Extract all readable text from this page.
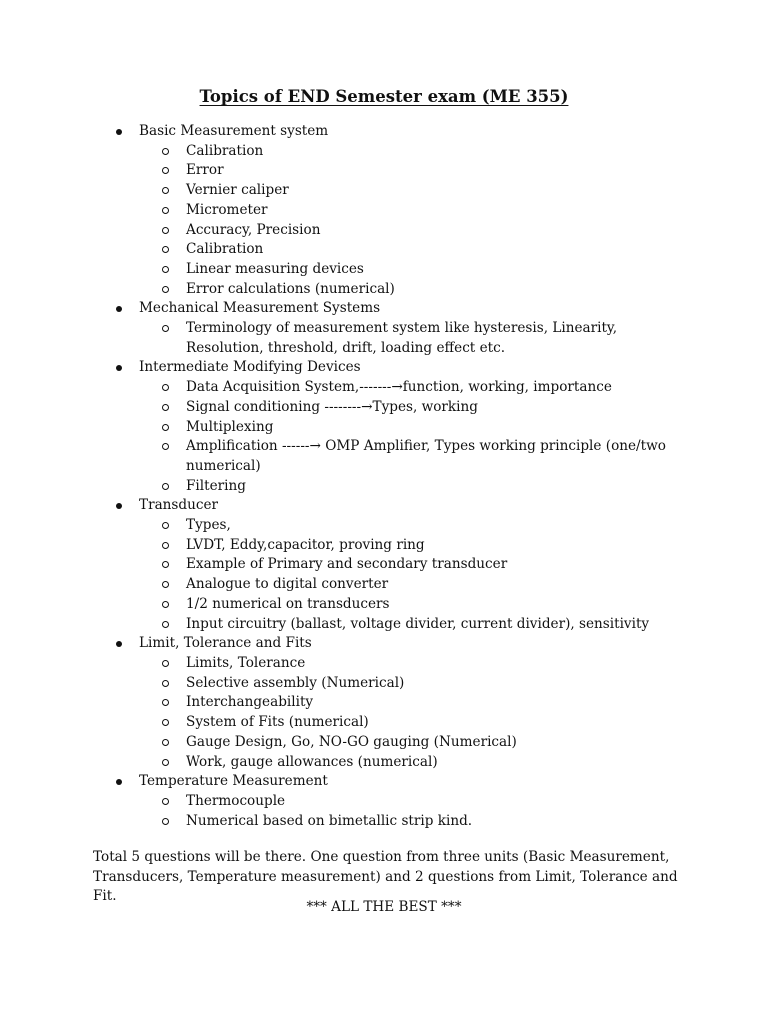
Topics of END Semester exam (ME 355)
Basic Measurement system
Calibration
Error
Vernier caliper
Micrometer
Accuracy, Precision
Calibration
Linear measuring devices
Error calculations (numerical)
Mechanical Measurement Systems
Terminology of measurement system like hysteresis, Linearity, Resolution, threshold, drift, loading effect etc.
Intermediate Modifying Devices
Data Acquisition System,-------→function, working, importance
Signal conditioning --------→Types, working
Multiplexing
Amplification ------→ OMP Amplifier, Types working principle (one/two numerical)
Filtering
Transducer
Types,
LVDT, Eddy,capacitor, proving ring
Example of Primary and secondary transducer
Analogue to digital converter
1/2 numerical on transducers
Input circuitry (ballast, voltage divider, current divider), sensitivity
Limit, Tolerance and Fits
Limits, Tolerance
Selective assembly (Numerical)
Interchangeability
System of Fits (numerical)
Gauge Design, Go, NO-GO gauging (Numerical)
Work, gauge allowances (numerical)
Temperature Measurement
Thermocouple
Numerical based on bimetallic strip kind.
Total 5 questions will be there. One question from three units (Basic Measurement, Transducers, Temperature measurement) and 2 questions from Limit, Tolerance and Fit.
*** ALL THE BEST ***
